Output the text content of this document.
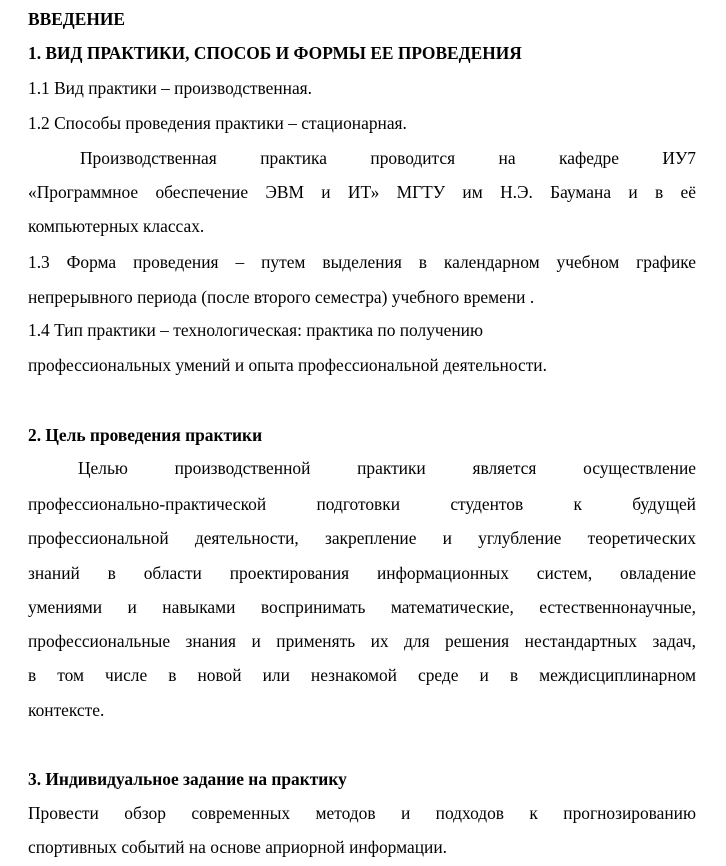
ВВЕДЕНИЕ
1. ВИД ПРАКТИКИ, СПОСОБ И ФОРМЫ ЕЕ ПРОВЕДЕНИЯ
1.1 Вид практики – производственная.
1.2 Способы проведения практики – стационарная.
Производственная практика проводится на кафедре ИУ7
«Программное обеспечение ЭВМ и ИТ» МГТУ им Н.Э. Баумана и в её
компьютерных классах.
1.3 Форма проведения – путем выделения в календарном учебном графике
непрерывного периода (после второго семестра) учебного времени .
1.4 Тип практики – технологическая: практика по получению
профессиональных умений и опыта профессиональной деятельности.
2. Цель проведения практики
Целью производственной практики является осуществление
профессионально-практической подготовки студентов к будущей
профессиональной деятельности, закрепление и углубление теоретических
знаний в области проектирования информационных систем, овладение
умениями и навыками воспринимать математические, естественнонаучные,
профессиональные знания и применять их для решения нестандартных задач,
в том числе в новой или незнакомой среде и в междисциплинарном
контексте.
3. Индивидуальное задание на практику
Провести обзор современных методов и подходов к прогнозированию
спортивных событий на основе априорной информации.
